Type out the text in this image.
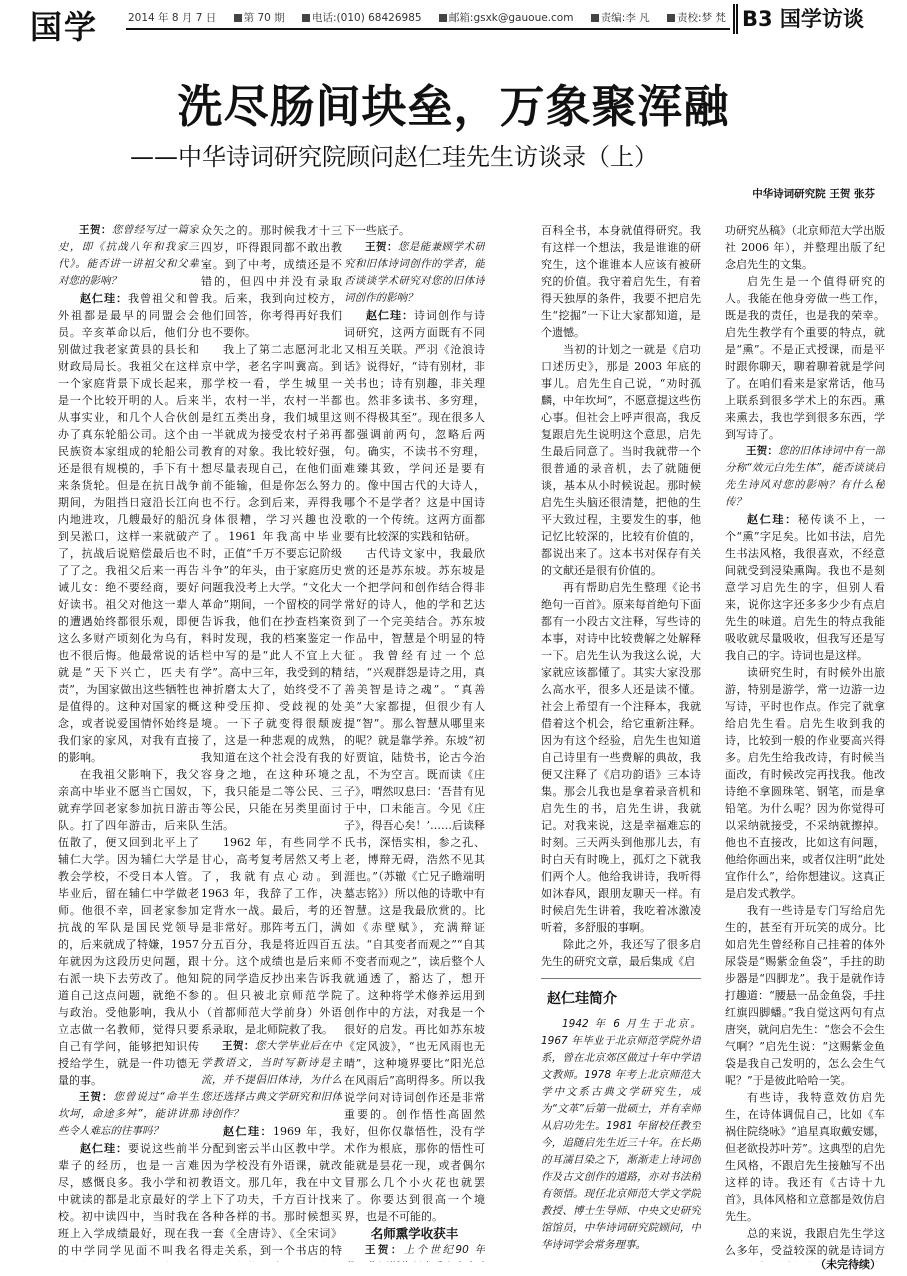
国学	2014 年 8 月 7 日	第 70 期	电话:(010) 68426985	邮箱:gsxk@gauoue.com	责编:李 凡	责校:梦 梵 B3 国学访谈
洗尽肠间块垒，万象聚浑融
——中华诗词研究院顾问赵仁珪先生访谈录（上）
中华诗词研究院 王贺 张芬

王贺：您曾经写过一篇家史，即《抗战八年和我家三代》。能否讲一讲祖父和父辈对您的影响？

赵仁珪：我曾祖父和曾外祖都是最早的同盟会会员。辛亥革命以后，他们分别做过我老家黄县的县长和财政局局长。我祖父在这样一个家庭背景下成长起来，是一个比较开明的人。后来从事实业，和几个人合伙创办了真东轮船公司。这个由民族资本家组成的轮船公司还是很有规模的，手下有十来条货轮。但是在抗日战争期间，为阻挡日寇沿长江向内地进攻，几艘最好的船沉到吴淞口，这样一来就破产了，抗战后说赔偿最后也不了了之。我祖父后来一再告诫儿女：绝不要经商，要好好读书。祖父对他这一辈人的遭遇始终都很乐观，即便这么多财产顷刻化为乌有，也不很后悔。他最常说的话就是“天下兴亡，匹夫有责”，为国家做出这些牺牲也是值得的。这种对国家的概念，或者说爱国情怀始终是我们家的家风，对我有直接的影响。

在我祖父影响下，我父亲高中毕业不愿当亡国奴，就弃学回老家参加抗日游击队。打了四年游击，后来队伍散了，便又回到北平上了辅仁大学。因为辅仁大学是教会学校，不受日本人管。毕业后，留在辅仁中学做老师。他很不幸，回老家参加抗战的军队是国民党领导的，后来就成了特嫌，1957 年就因为这段历史问题，跟右派一块下去劳改了。他知道自己这点问题，就绝不参与政治。受他影响，我从小立志做一名教师，觉得只要自己有学问，能够把知识传授给学生，就是一件功德无量的事。

王贺：您曾说过“命半生坎坷，命途多舛”，能讲讲那些令人难忘的往事吗？

赵仁珪：要说这些前半辈子的经历，也是一言难尽，感慨良多。我小学和初中就读的都是北京最好的学校。初中读四中，当时我在班上入学成绩最好，现在我的中学同学见面不叫我名

众矢之的。那时候我才十三四岁，吓得跟同都不敢出教室。到了中考，成绩还是不错的，但四中并没有录取我。后来，我到向过校方，他们回答，你考得再好我们也不要你。

我上了第二志愿河北北京中学，老名字叫冀高。到那学校一看，学生城里一半，农村一半，农村一半都是红五类出身，我们城里这一半就成为接受农村子弟再教育的对象。我比较好强，想尽量表现自己，在他们面前不能输，但是你怎么努力也不行。念到后来，弄得我身体很糟，学习兴趣也没了。1961 年我高中毕业时，正值“千万不要忘记阶级斗争”的年头，由于家庭历史问题我没考上大学。“文化大革命”期间，一个留校的同学告诉我，他们在抄查档案资料时发现，我的档案鉴定一栏中写的是“此人不宜上大学”。高中三年，我受到的精神折磨太大了，始终受不了这种受压抑、受歧视的处境。一下子就变得很颓废了，这是一种悲观的成熟，我知道在这个社会没有我的容身之地，在这种环境之下，我只能是二等公民、三等公民，只能在另类里面讨生活。

1962 年，有些同学不甘心，高考复考居然又考上了，我就有点心动。到 1963 年，我辞了工作，决定背水一战。最后，考的还是非常好。那阵考五门，满分五百分，我是将近四百五十分。这个成绩也是后来师院的同学造反抄出来告诉我的。但只被北京师范学院（首都师范大学前身）外语系录取，是北师院救了我。

王贺：您大学毕业后在中学教语文，当时写新诗是主流，并不提倡旧体诗，为什么您还选择古典文学研究和旧体诗创作？

赵仁珪：1969 年，我分配到密云半山区教中学。因为学校没有外语课，就改教语文。那几年，我在中文上下了功夫，千方百计找来各种各样的书。那时候想买一套《全唐诗》、《全宋词》得走关系，到一个书店的特

下一些底子。

王贺：您是能兼顾学术研究和旧体诗词创作的学者，能否谈谈学术研究对您的旧体诗词创作的影响？

赵仁珪：诗词创作与诗词研究，这两方面既有不同又相互关联。严羽《沧浪诗话》说得好，“诗有别材，非关书也；诗有别趣，非关理也。然非多读书、多穷理，则不得极其至”。现在很多人都强调前两句，忽略后两句。确实，不读书不穷理，难臻其致，学问还是要有的。像中国古代的大诗人，哪个不是学者？这是中国诗歌的一个传统。这两方面都要有比较深的实践和钻研。

古代诗文家中，我最欣赏的还是苏东坡。苏东坡是一个把学问和创作结合得非常好的诗人，他的学和艺达到了一个完美结合。苏东坡作品中，智慧是个明显的特征。我曾经有过一个总结，“兴观群怨是诗之用，真善美智是诗之魂”。“真善美”大家都提，但很少有人提“智”。那么智慧从哪里来的呢？就是靠学养。东坡“初好贾谊，陆贽书，论古今治乱，不为空言。既而读《庄子》，喟然叹息曰：‘吾昔有见于中，口未能言。今见《庄子》，得吾心矣！’……后读释氏书，深悟实相，参之孔、老，博辩无碍，浩然不见其涯也。”（苏辙《亡兄子瞻端明墓志铭》）所以他的诗歌中有智慧。这是我最欣赏的。比如《赤壁赋》，充满辩证法。“自其变者而观之”“自其不变者而观之”，读后整个人就通透了，豁达了，想开了。这种将学术修养运用到创作中的方法，对我是一个很好的启发。再比如苏东坡《定风波》，“也无风雨也无晴”，这种境界要比“阳光总在风雨后”高明得多。所以我说学问对诗词创作还是非常重要的。创作悟性高固然好，但你仅靠悟性，没有学术作为根底，那你的悟性可能就是昙花一现，或者偶尔冒那么几个小火花也就罢了。你要达到很高一个境界，也是不可能的。

名师熏学收获丰

王贺：上个世纪90 年

百科全书，本身就值得研究。我有这样一个想法，我是谁谁的研究生，这个谁谁本人应该有被研究的价值。我守着启先生，有着得天独厚的条件，我要不把启先生“挖掘”一下让大家都知道，是个遗憾。

当初的计划之一就是《启功口述历史》，那是 2003 年底的事儿。启先生自己说，“劝时孤麟，中年坎坷”，不愿意提这些伤心事。但社会上呼声很高，我反复跟启先生说明这个意思，启先生最后同意了。当时我就带一个很普通的录音机，去了就随便谈，基本从小时候说起。那时候启先生头脑还很清楚，把他的生平大致过程，主要发生的事，他记忆比较深的，比较有价值的，都说出来了。这本书对保存有关的文献还是很有价值的。

再有帮助启先生整理《论书绝句一百首》。原来每首绝句下面都有一小段古文注释，写些诗的本事，对诗中比较费解之处解释一下。启先生认为我这么说，大家就应该都懂了。其实大家没那么高水平，很多人还是读不懂。社会上希望有一个注释本，我就借着这个机会，给它重新注释。因为有这个经验，启先生也知道自己诗里有一些费解的典故，我便又注释了《启功韵语》三本诗集。那会儿我也是拿着录音机和启先生的书，启先生讲，我就记。对我来说，这是幸福难忘的时刻。三天两头到他那儿去，有时白天有时晚上，孤灯之下就我们两个人。他给我讲诗，我听得如沐春风，跟朋友聊天一样。有时候启先生讲着，我吃着冰激凌听着，多舒服的事啊。

除此之外，我还写了很多启先生的研究文章，最后集成《启

赵仁珪简介

1942 年 6 月生于北京。1967 年毕业于北京师范学院外语系，曾在北京郊区做过十年中学语文教师。1978 年考上北京师范大学中文系古典文学研究生，成为“文革”后第一批硕士，并有幸师从启功先生。1981 年留校任教至今，追随启先生近三十年。在长期的耳濡目染之下，渐渐走上诗词创作及古文创作的道路，亦对书法稍有领悟。现任北京师范大学文学院教授、博士生导师、中央文史研究馆馆员，中华诗词研究院顾问，中华诗词学会常务理事。

功研究丛稿》（北京师范大学出版社 2006 年），并整理出版了纪念启先生的文集。

启先生是一个值得研究的人。我能在他身旁做一些工作，既是我的责任，也是我的荣幸。启先生教学有个重要的特点，就是“熏”。不是正式授课，而是平时跟你聊天，聊着聊着就是学问了。在咱们看来是家常话，他马上联系到很多学术上的东西。熏来熏去，我也学到很多东西，学到写诗了。

王贺：您的旧体诗词中有一部分称“效元白先生体”，能否谈谈启先生诗风对您的影响？有什么秘传？

赵仁珪：秘传谈不上，一个“熏”字足矣。比如书法，启先生书法风格，我很喜欢，不经意间就受到浸染熏陶。我也不是刻意学习启先生的字，但别人看来，说你这字还多多少少有点启先生的味道。启先生的特点我能吸收就尽量吸收，但我写还是写我自己的字。诗词也是这样。

读研究生时，有时候外出旅游，特别是游学，常一边游一边写诗，平时也作点。作完了就拿给启先生看。启先生收到我的诗，比较到一般的作业要高兴得多。启先生给我改诗，有时候当面改，有时候改完再找我。他改诗绝不拿圆珠笔、钢笔，而是拿铅笔。为什么呢？因为你觉得可以采纳就接受，不采纳就擦掉。他也不直接改，比如这有问题，他给你画出来，或者仅注明“此处宜作什么”，给你想建议。这真正是启发式教学。

我有一些诗是专门写给启先生的，甚至有开玩笑的成分。比如启先生曾经称自己挂着的体外尿袋是“赐紫金鱼袋”，手拄的助步器是“四脚龙”。我于是就作诗打趣道：“腰悬一品金鱼袋，手拄红旗四脚蟠。”我自觉这两句有点唐突，就问启先生：“您会不会生气啊？”启先生说：“这赐紫金鱼袋是我自己发明的，怎么会生气呢？”于是彼此哈哈一笑。

有些诗，我特意效仿启先生，在诗体调侃自己，比如《车祸住院绕咏》“追星真取戴安娜，但老欲投苏叶芳”。这典型的启先生风格，不跟启先生接触写不出这样的诗。我还有《古诗十九首》，具体风格和立意都是效仿启先生。

总的来说，我跟启先生学这么多年，受益较深的就是诗词方

（未完待续）
